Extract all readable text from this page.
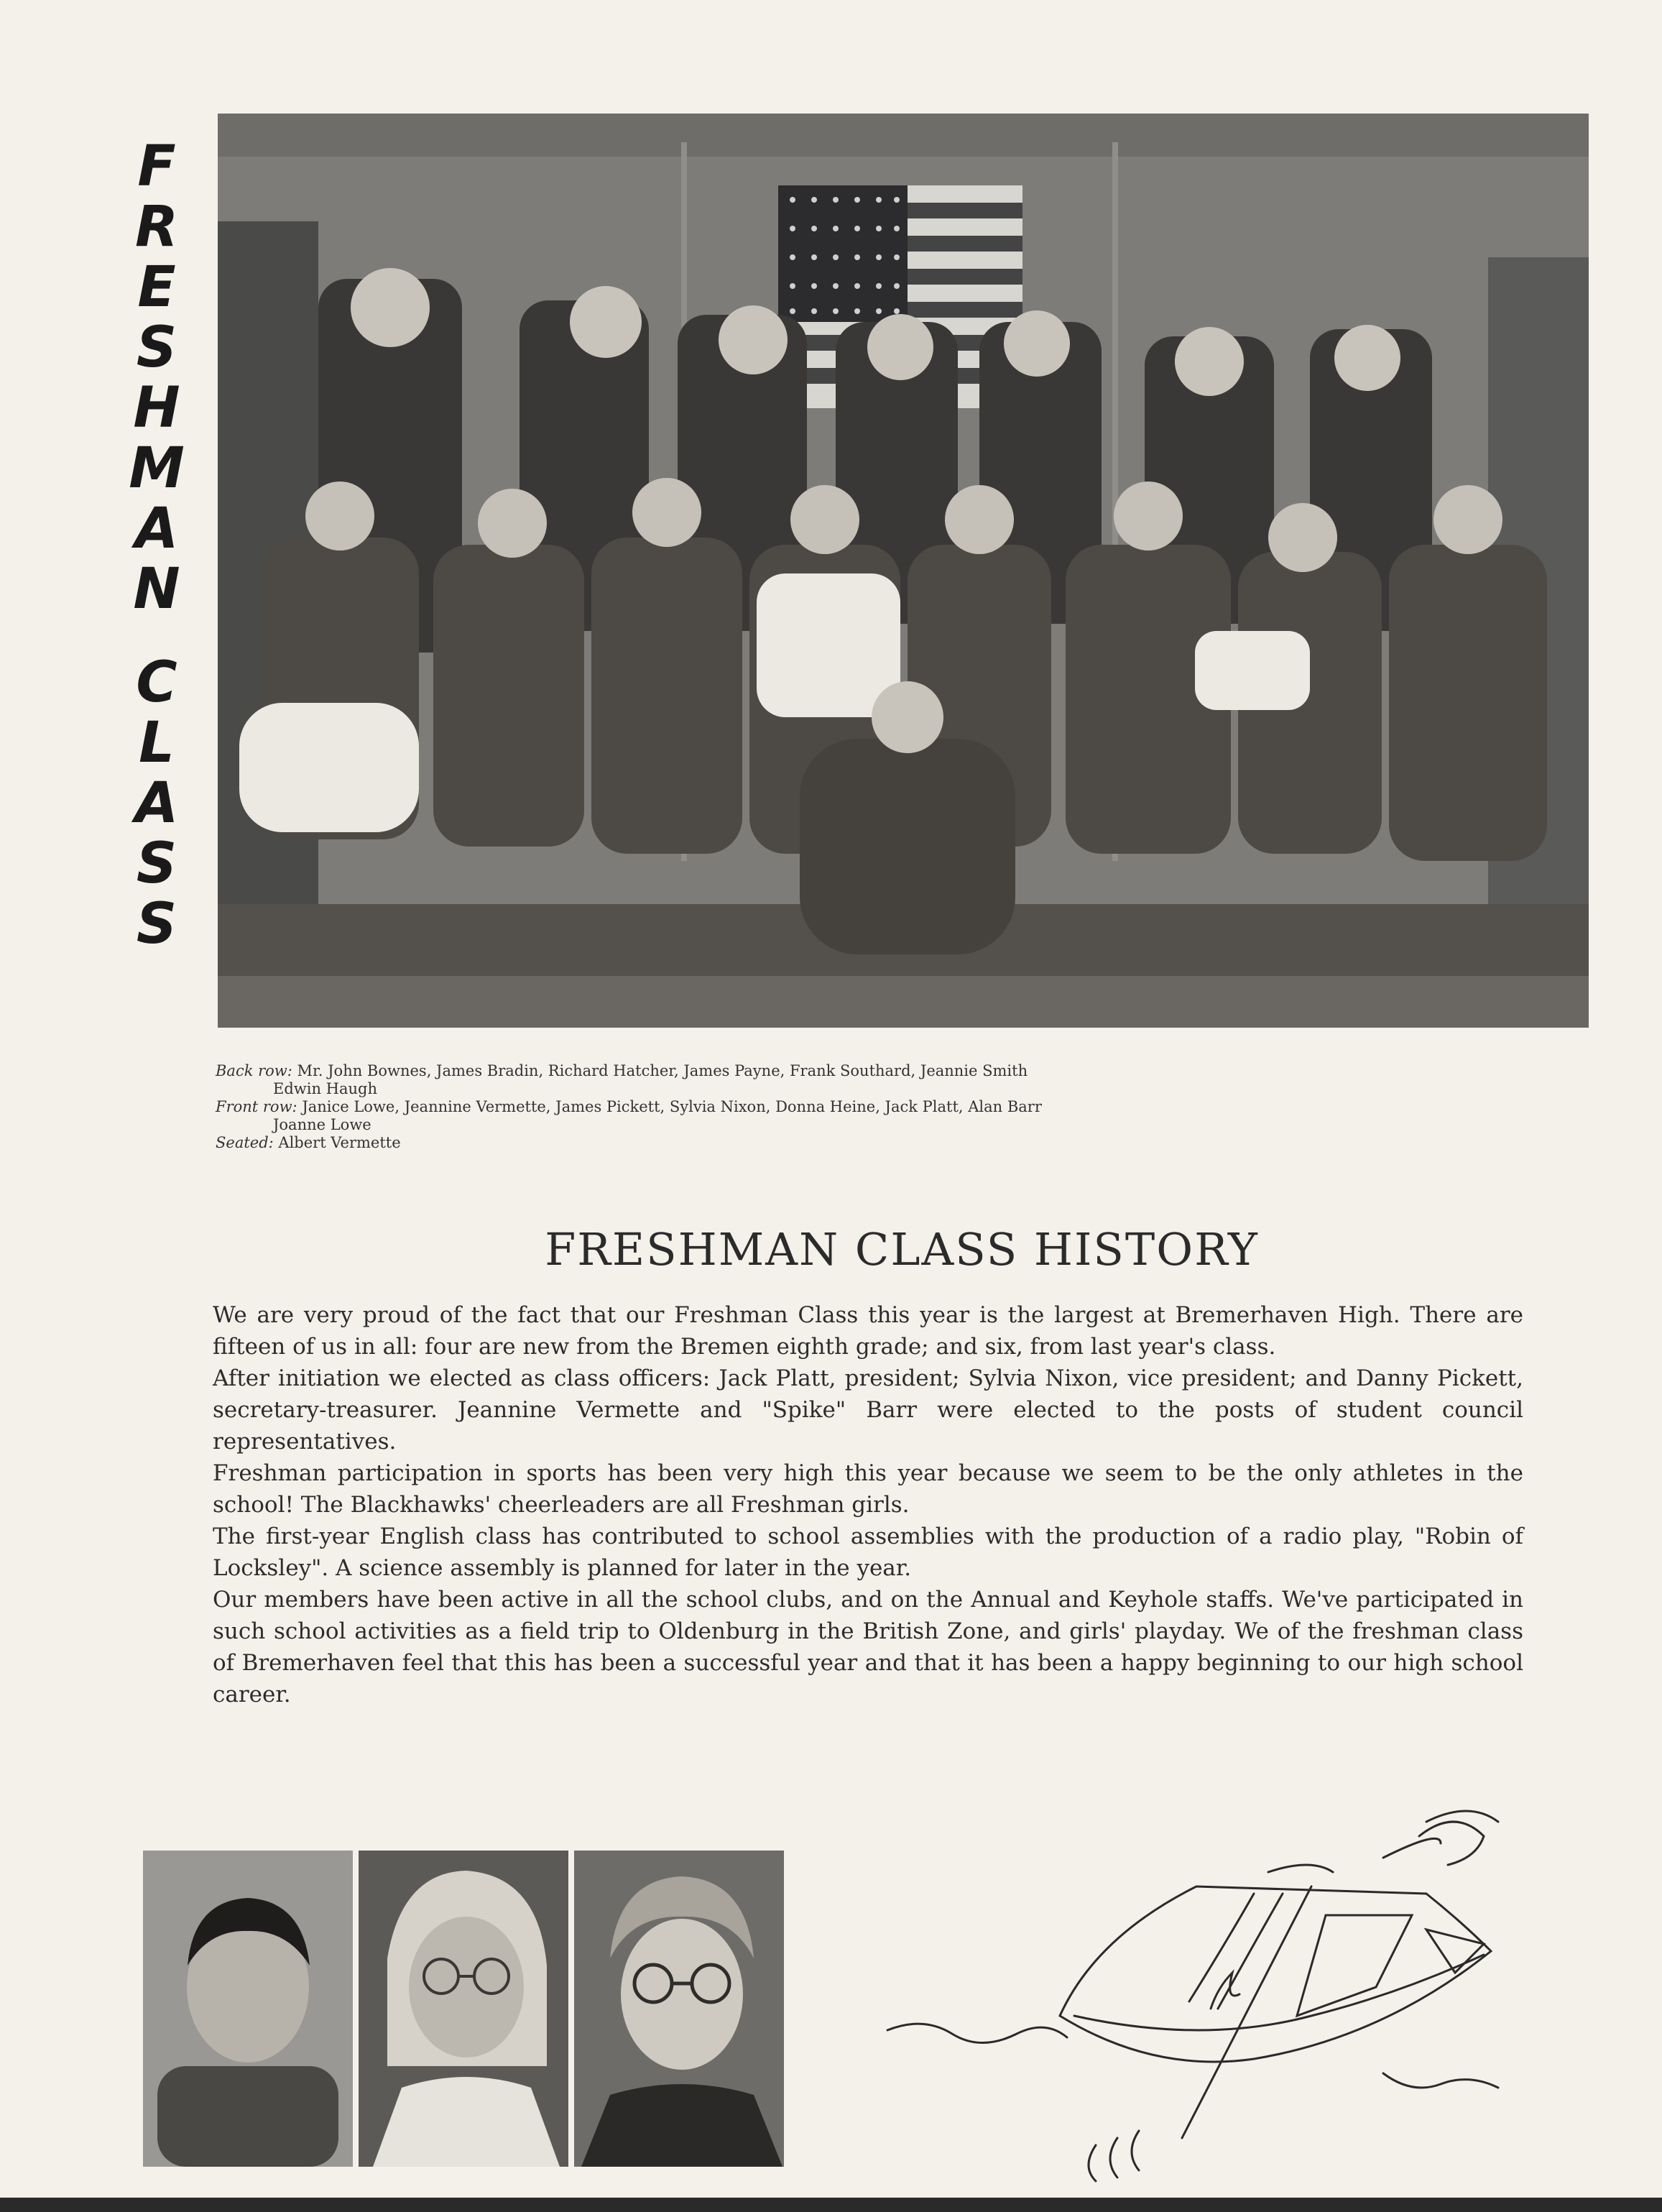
F
R
E
S
H
M
A
N
C
L
A
S
S

Back row: Mr. John Bownes, James Bradin, Richard Hatcher, James Payne, Frank Southard, Jeannie Smith
Edwin Haugh

Front row: Janice Lowe, Jeannine Vermette, James Pickett, Sylvia Nixon, Donna Heine, Jack Platt, Alan Barr
Joanne Lowe

Seated: Albert Vermette

FRESHMAN CLASS HISTORY

We are very proud of the fact that our Freshman Class this year is the largest at Bremerhaven High. There are fifteen of us in all: four are new from the Bremen eighth grade; and six, from last year's class.

After initiation we elected as class officers: Jack Platt, president; Sylvia Nixon, vice president; and Danny Pickett, secretary-treasurer. Jeannine Vermette and "Spike" Barr were elected to the posts of student council representatives.

Freshman participation in sports has been very high this year because we seem to be the only athletes in the school! The Blackhawks' cheerleaders are all Freshman girls.

The first-year English class has contributed to school assemblies with the production of a radio play, "Robin of Locksley". A science assembly is planned for later in the year.

Our members have been active in all the school clubs, and on the Annual and Keyhole staffs. We've participated in such school activities as a field trip to Oldenburg in the British Zone, and girls' playday. We of the freshman class of Bremerhaven feel that this has been a successful year and that it has been a happy beginning to our high school career.
